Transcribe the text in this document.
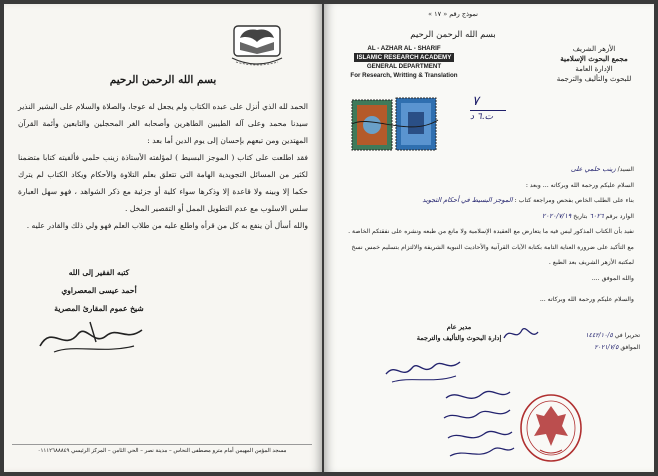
بسم الله الرحمن الرحيم

الحمد لله الذي أنزل على عبده الكتاب ولم يجعل له عوجا، والصلاة والسلام على البشير النذير سيدنا محمد وعلى آله الطيبين الطاهرين وأصحابه الغر المحجلين والتابعين وأئمة القرآن المهتدين ومن تبعهم بإحسان إلى يوم الدين أما بعد :

فقد اطلعت على كتاب ( الموجز البسيط ) لمؤلفته الأستاذة زينب حلمي فألفيته كتابا متضمنا لكثير من المسائل التجويدية الهامة التي تتعلق بعلم التلاوة والأحكام ويكاد الكتاب لم يترك حكما إلا وبينه ولا قاعدة إلا وذكرها سواء كلية أو جزئية مع ذكر الشواهد ، فهو سهل العبارة سلس الاسلوب مع عدم التطويل الممل أو التقصير المخل .

والله أسأل أن ينفع به كل من قرأه واطلع عليه من طلاب العلم فهو ولي ذلك والقادر عليه .

كتبه الفقير إلى الله
أحمد عيسى المعصراوي
شيخ عموم المقارئ المصرية
مسجد المؤمن المهيمن أمام مترو مصطفى النحاس – مدينة نصر – الحي الثامن – المركز الرئيسي ٠١١١٢٦٨٨٨٤٩
نموذج رقم « ١٧ »
بسم الله الرحمن الرحيم
AL - AZHAR AL - SHARIF
ISLAMIC RESEARCH ACADEMY
GENERAL DEPARTMENT
For Research, Writting & Translation
الأزهر الشريف
مجمع البحوث الإسلامية
الإدارة العامة
للبحوث والتأليف والترجمة
٧
ت.٦ د

السيد/ زينب حلمي على

السلام عليكم ورحمة الله وبركاته ... وبعد :

بناء على الطلب الخاص بفحص ومراجعة كتاب : الموجز البسيط في أحكام التجويد

الوارد برقم ٦٠٢٦ بتاريخ ٢٠٢٠/٧/١٩

نفيد بأن الكتاب المذكور ليس فيه ما يتعارض مع العقيدة الإسلامية ولا مانع من طبعه ونشره على نفقتكم الخاصة .

مع التأكيد على ضرورة العناية التامة بكتابة الآيات القرآنية والأحاديث النبوية الشريفة والالتزام بتسليم خمس نسخ لمكتبة الأزهر الشريف بعد الطبع .

والله الموفق ....

والسلام عليكم ورحمة الله وبركاته ...

مدير عام
إدارة البحوث والتأليف والترجمة	تحريرا في ١٤٤٢/١٠/٥
الموافق ٢٠٢١/٧/٥
